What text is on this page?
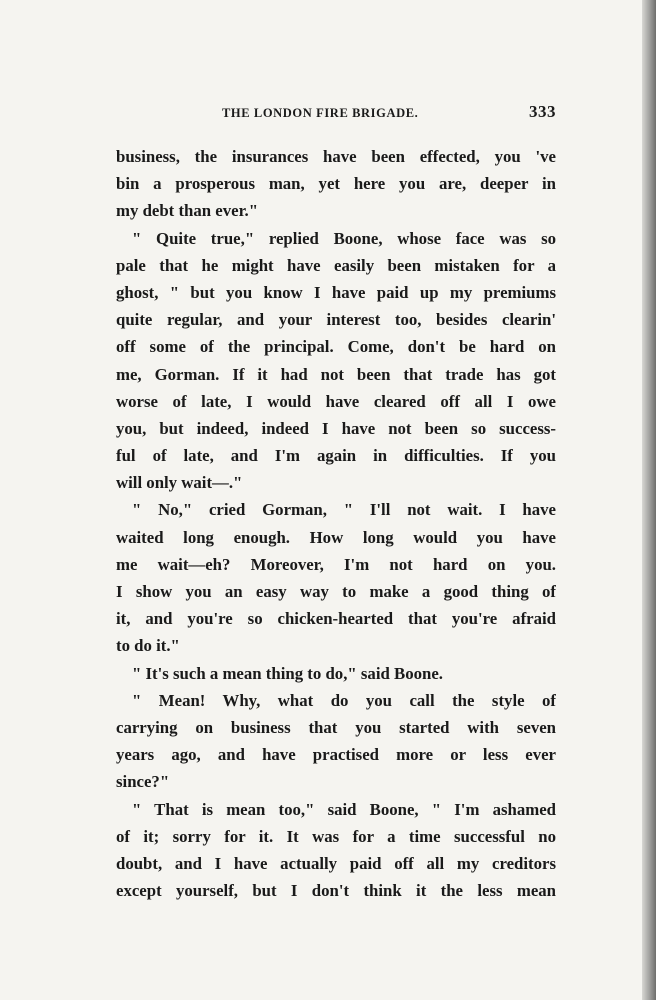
THE LONDON FIRE BRIGADE.	333
business, the insurances have been effected, you 've
bin a prosperous man, yet here you are, deeper in
my debt than ever."
" Quite true," replied Boone, whose face was so
pale that he might have easily been mistaken for a
ghost, " but you know I have paid up my premiums
quite regular, and your interest too, besides clearin'
off some of the principal. Come, don't be hard on
me, Gorman. If it had not been that trade has got
worse of late, I would have cleared off all I owe
you, but indeed, indeed I have not been so success-
ful of late, and I'm again in difficulties. If you
will only wait—."
" No," cried Gorman, " I'll not wait. I have
waited long enough. How long would you have
me wait—eh? Moreover, I'm not hard on you.
I show you an easy way to make a good thing of
it, and you're so chicken-hearted that you're afraid
to do it."
" It's such a mean thing to do," said Boone.
" Mean! Why, what do you call the style of
carrying on business that you started with seven
years ago, and have practised more or less ever
since?"
" That is mean too," said Boone, " I'm ashamed
of it; sorry for it. It was for a time successful no
doubt, and I have actually paid off all my creditors
except yourself, but I don't think it the less mean
